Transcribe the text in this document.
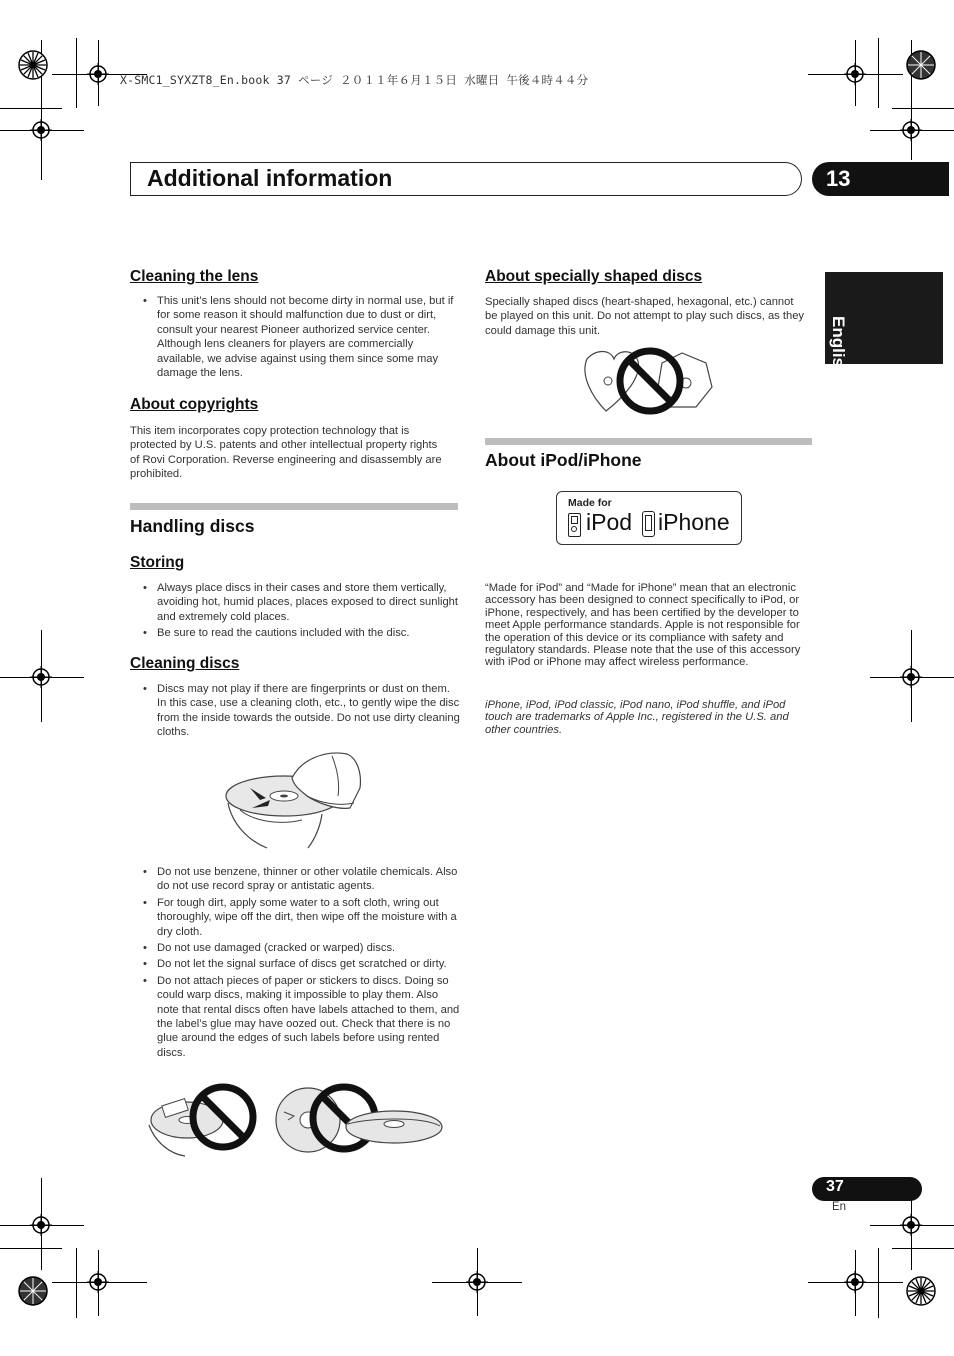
X-SMC1_SYXZT8_En.book 37 ページ ２０１１年６月１５日 水曜日 午後４時４４分
Additional information	13
English
Cleaning the lens
• This unit’s lens should not become dirty in normal use, but if for some reason it should malfunction due to dust or dirt, consult your nearest Pioneer authorized service center. Although lens cleaners for players are commercially available, we advise against using them since some may damage the lens.
About copyrights
This item incorporates copy protection technology that is protected by U.S. patents and other intellectual property rights of Rovi Corporation. Reverse engineering and disassembly are prohibited.
Handling discs
Storing
• Always place discs in their cases and store them vertically, avoiding hot, humid places, places exposed to direct sunlight and extremely cold places.
• Be sure to read the cautions included with the disc.
Cleaning discs
• Discs may not play if there are fingerprints or dust on them. In this case, use a cleaning cloth, etc., to gently wipe the disc from the inside towards the outside. Do not use dirty cleaning cloths.
• Do not use benzene, thinner or other volatile chemicals. Also do not use record spray or antistatic agents.
• For tough dirt, apply some water to a soft cloth, wring out thoroughly, wipe off the dirt, then wipe off the moisture with a dry cloth.
• Do not use damaged (cracked or warped) discs.
• Do not let the signal surface of discs get scratched or dirty.
• Do not attach pieces of paper or stickers to discs. Doing so could warp discs, making it impossible to play them. Also note that rental discs often have labels attached to them, and the label’s glue may have oozed out. Check that there is no glue around the edges of such labels before using rented discs.
About specially shaped discs
Specially shaped discs (heart-shaped, hexagonal, etc.) cannot be played on this unit. Do not attempt to play such discs, as they could damage this unit.
About iPod/iPhone
Made for
iPod iPhone
“Made for iPod” and “Made for iPhone” mean that an electronic accessory has been designed to connect specifically to iPod, or iPhone, respectively, and has been certified by the developer to meet Apple performance standards. Apple is not responsible for the operation of this device or its compliance with safety and regulatory standards. Please note that the use of this accessory with iPod or iPhone may affect wireless performance.
iPhone, iPod, iPod classic, iPod nano, iPod shuffle, and iPod touch are trademarks of Apple Inc., registered in the U.S. and other countries.
37
En
